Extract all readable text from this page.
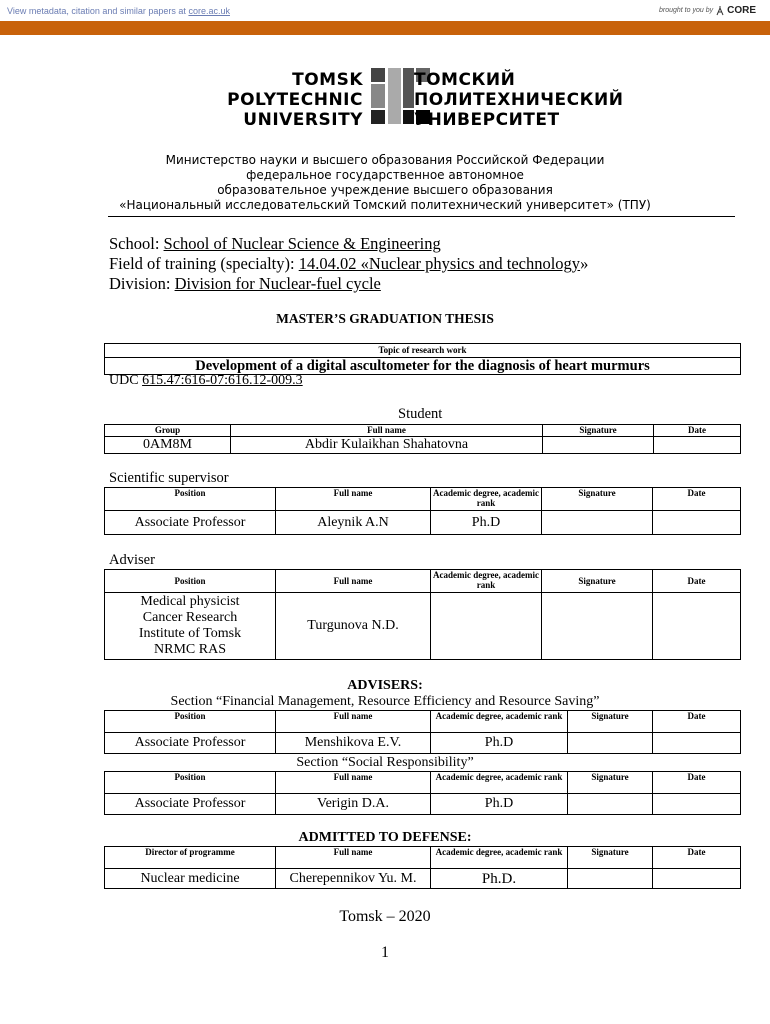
View metadata, citation and similar papers at core.ac.uk	brought to you by CORE
provided by Electronic archive of Tomsk Polytechnic University
TOMSK
POLYTECHNIC
UNIVERSITY
ТОМСКИЙ
ПОЛИТЕХНИЧЕСКИЙ
УНИВЕРСИТЕТ
Министерство науки и высшего образования Российской Федерации
федеральное государственное автономное
образовательное учреждение высшего образования
«Национальный исследовательский Томский политехнический университет» (ТПУ)
School: School of Nuclear Science & Engineering
Field of training (specialty): 14.04.02 «Nuclear physics and technology»
Division: Division for Nuclear-fuel cycle
MASTER’S GRADUATION THESIS
Topic of research work
Development of a digital ascultometer for the diagnosis of heart murmurs
UDC 615.47:616-07:616.12-009.3
Student
Group	Full name	Signature	Date
0AM8M	Abdir Kulaikhan Shahatovna		
Scientific supervisor
Position	Full name	Academic degree, academic rank	Signature	Date
Associate Professor	Aleynik A.N	Ph.D		
Adviser
Position	Full name	Academic degree, academic rank	Signature	Date

Medical physicist
Cancer Research
Institute of Tomsk
NRMC RAS	Turgunova N.D.			
ADVISERS:
Section “Financial Management, Resource Efficiency and Resource Saving”
Position	Full name	Academic degree, academic rank	Signature	Date
Associate Professor	Menshikova E.V.	Ph.D		
Section “Social Responsibility”
Position	Full name	Academic degree, academic rank	Signature	Date
Associate Professor	Verigin D.A.	Ph.D		
ADMITTED TO DEFENSE:
Director of programme	Full name	Academic degree, academic rank	Signature	Date
Nuclear medicine	Cherepennikov Yu. M.	Ph.D.		
Tomsk – 2020
1
